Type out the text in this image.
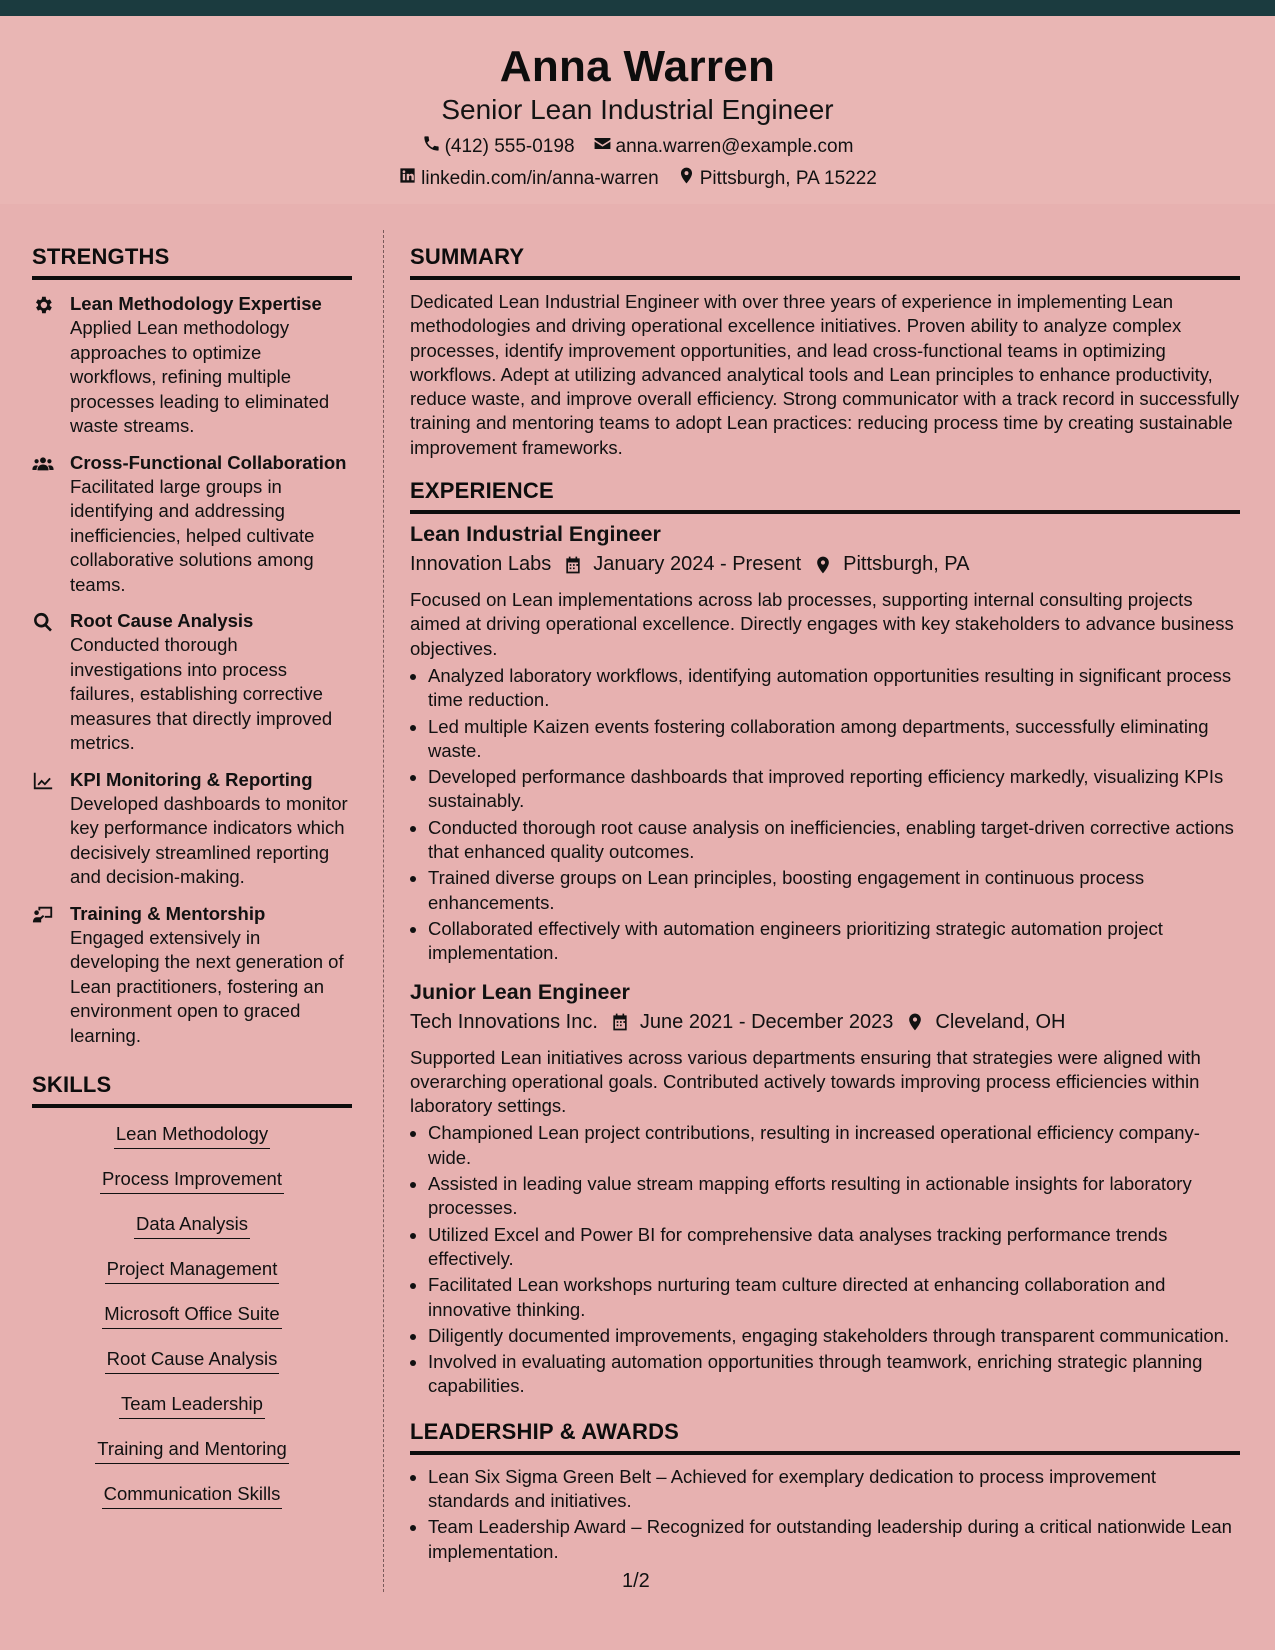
Anna Warren
Senior Lean Industrial Engineer
(412) 555-0198 anna.warren@example.com
linkedin.com/in/anna-warren Pittsburgh, PA 15222
STRENGTHS
Lean Methodology Expertise
Applied Lean methodology approaches to optimize workflows, refining multiple processes leading to eliminated waste streams.
Cross-Functional Collaboration
Facilitated large groups in identifying and addressing inefficiencies, helped cultivate collaborative solutions among teams.
Root Cause Analysis
Conducted thorough investigations into process failures, establishing corrective measures that directly improved metrics.
KPI Monitoring & Reporting
Developed dashboards to monitor key performance indicators which decisively streamlined reporting and decision-making.
Training & Mentorship
Engaged extensively in developing the next generation of Lean practitioners, fostering an environment open to graced learning.
SKILLS
Lean Methodology
Process Improvement
Data Analysis
Project Management
Microsoft Office Suite
Root Cause Analysis
Team Leadership
Training and Mentoring
Communication Skills
SUMMARY
Dedicated Lean Industrial Engineer with over three years of experience in implementing Lean methodologies and driving operational excellence initiatives. Proven ability to analyze complex processes, identify improvement opportunities, and lead cross-functional teams in optimizing workflows. Adept at utilizing advanced analytical tools and Lean principles to enhance productivity, reduce waste, and improve overall efficiency. Strong communicator with a track record in successfully training and mentoring teams to adopt Lean practices: reducing process time by creating sustainable improvement frameworks.
EXPERIENCE
Lean Industrial Engineer
Innovation Labs January 2024 - Present Pittsburgh, PA
Focused on Lean implementations across lab processes, supporting internal consulting projects aimed at driving operational excellence. Directly engages with key stakeholders to advance business objectives.
• Analyzed laboratory workflows, identifying automation opportunities resulting in significant process time reduction.
• Led multiple Kaizen events fostering collaboration among departments, successfully eliminating waste.
• Developed performance dashboards that improved reporting efficiency markedly, visualizing KPIs sustainably.
• Conducted thorough root cause analysis on inefficiencies, enabling target-driven corrective actions that enhanced quality outcomes.
• Trained diverse groups on Lean principles, boosting engagement in continuous process enhancements.
• Collaborated effectively with automation engineers prioritizing strategic automation project implementation.
Junior Lean Engineer
Tech Innovations Inc. June 2021 - December 2023 Cleveland, OH
Supported Lean initiatives across various departments ensuring that strategies were aligned with overarching operational goals. Contributed actively towards improving process efficiencies within laboratory settings.
• Championed Lean project contributions, resulting in increased operational efficiency company-wide.
• Assisted in leading value stream mapping efforts resulting in actionable insights for laboratory processes.
• Utilized Excel and Power BI for comprehensive data analyses tracking performance trends effectively.
• Facilitated Lean workshops nurturing team culture directed at enhancing collaboration and innovative thinking.
• Diligently documented improvements, engaging stakeholders through transparent communication.
• Involved in evaluating automation opportunities through teamwork, enriching strategic planning capabilities.
LEADERSHIP & AWARDS
• Lean Six Sigma Green Belt – Achieved for exemplary dedication to process improvement standards and initiatives.
• Team Leadership Award – Recognized for outstanding leadership during a critical nationwide Lean implementation.
1/2
